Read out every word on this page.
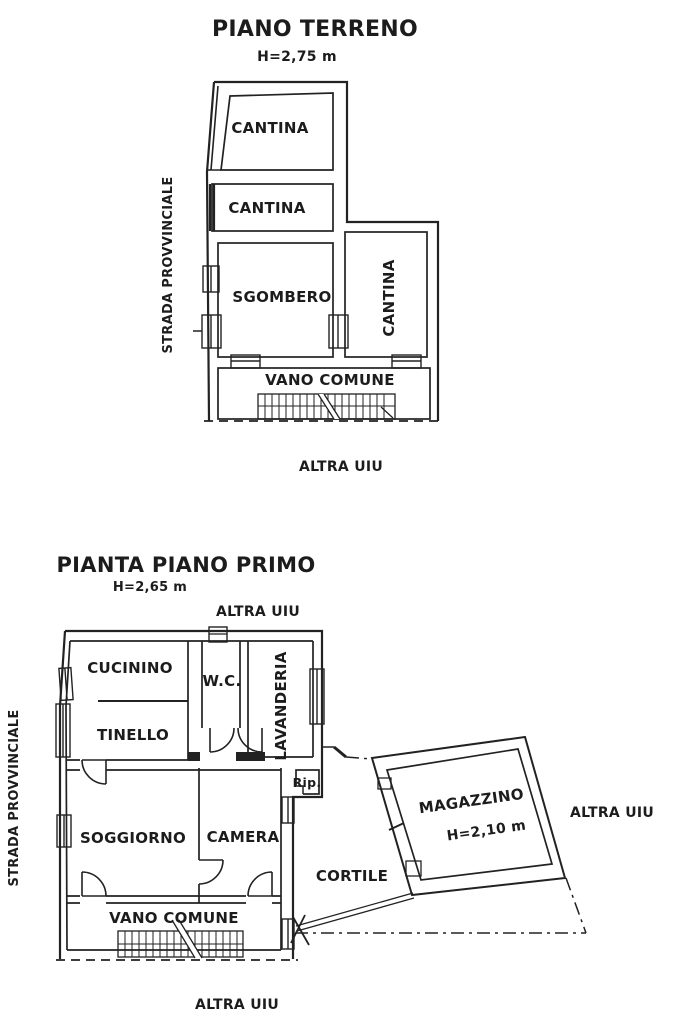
PIANO TERRENO
H=2,75 m
STRADA PROVVINCIALE
ALTRA UIU
CANTINA
CANTINA
SGOMBERO	CANTINA
VANO COMUNE
PIANTA PIANO PRIMO
H=2,65 m
ALTRA UIU
STRADA PROVVINCIALE	ALTRA UIU
ALTRA UIU
CUCININO
W.C. LAVANDERIA
TINELLO
SOGGIORNO CAMERA
Rip.
VANO COMUNE
CORTILE
MAGAZZINO
H=2,10 m
